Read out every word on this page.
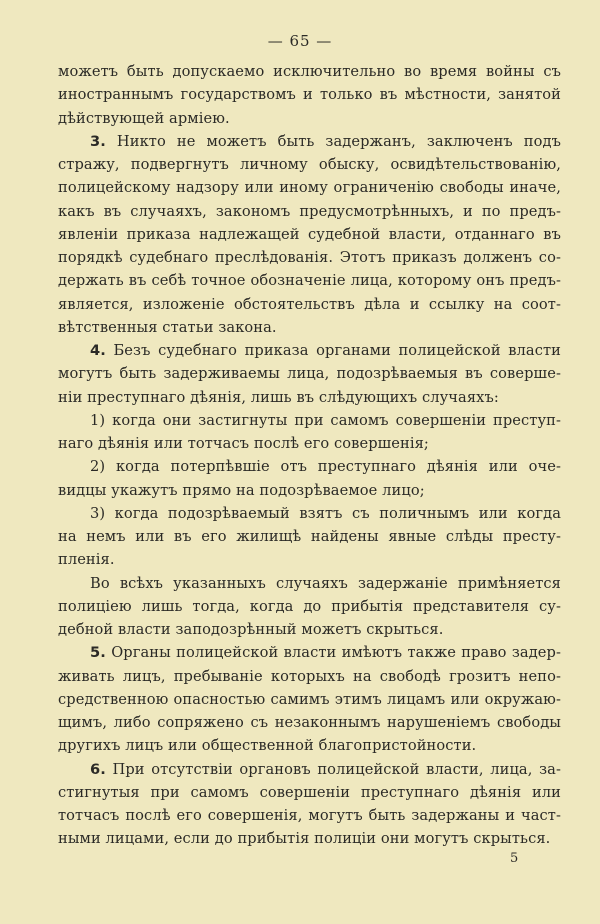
— 65 —
можетъ быть допускаемо исключительно во время войны съ
иностраннымъ государствомъ и только въ мѣстности, занятой
дѣйствующей арміею.
3. Никто не можетъ быть задержанъ, заключенъ подъ
стражу, подвергнутъ личному обыску, освидѣтельствованію,
полицейскому надзору или иному ограниченію свободы иначе,
какъ въ случаяхъ, закономъ предусмотрѣнныхъ, и по предъ-
явленіи приказа надлежащей судебной власти, отданнаго въ
порядкѣ судебнаго преслѣдованія. Этотъ приказъ долженъ со-
держать въ себѣ точное обозначеніе лица, которому онъ предъ-
является, изложеніе обстоятельствъ дѣла и ссылку на соот-
вѣтственныя статьи закона.
4. Безъ судебнаго приказа органами полицейской власти
могутъ быть задерживаемы лица, подозрѣваемыя въ соверше-
ніи преступнаго дѣянія, лишь въ слѣдующихъ случаяхъ:
1) когда они застигнуты при самомъ совершеніи преступ-
наго дѣянія или тотчасъ послѣ его совершенія;
2) когда потерпѣвшіе отъ преступнаго дѣянія или оче-
видцы укажутъ прямо на подозрѣваемое лицо;
3) когда подозрѣваемый взятъ съ поличнымъ или когда
на немъ или въ его жилищѣ найдены явные слѣды престу-
пленія.
Во всѣхъ указанныхъ случаяхъ задержаніе примѣняется
полиціею лишь тогда, когда до прибытія представителя су-
дебной власти заподозрѣнный можетъ скрыться.
5. Органы полицейской власти имѣютъ также право задер-
живать лицъ, пребываніе которыхъ на свободѣ грозитъ непо-
средственною опасностью самимъ этимъ лицамъ или окружаю-
щимъ, либо сопряжено съ незаконнымъ нарушеніемъ свободы
другихъ лицъ или общественной благопристойности.
6. При отсутствіи органовъ полицейской власти, лица, за-
стигнутыя при самомъ совершеніи преступнаго дѣянія или
тотчасъ послѣ его совершенія, могутъ быть задержаны и част-
ными лицами, если до прибытія полиціи они могутъ скрыться.
5
